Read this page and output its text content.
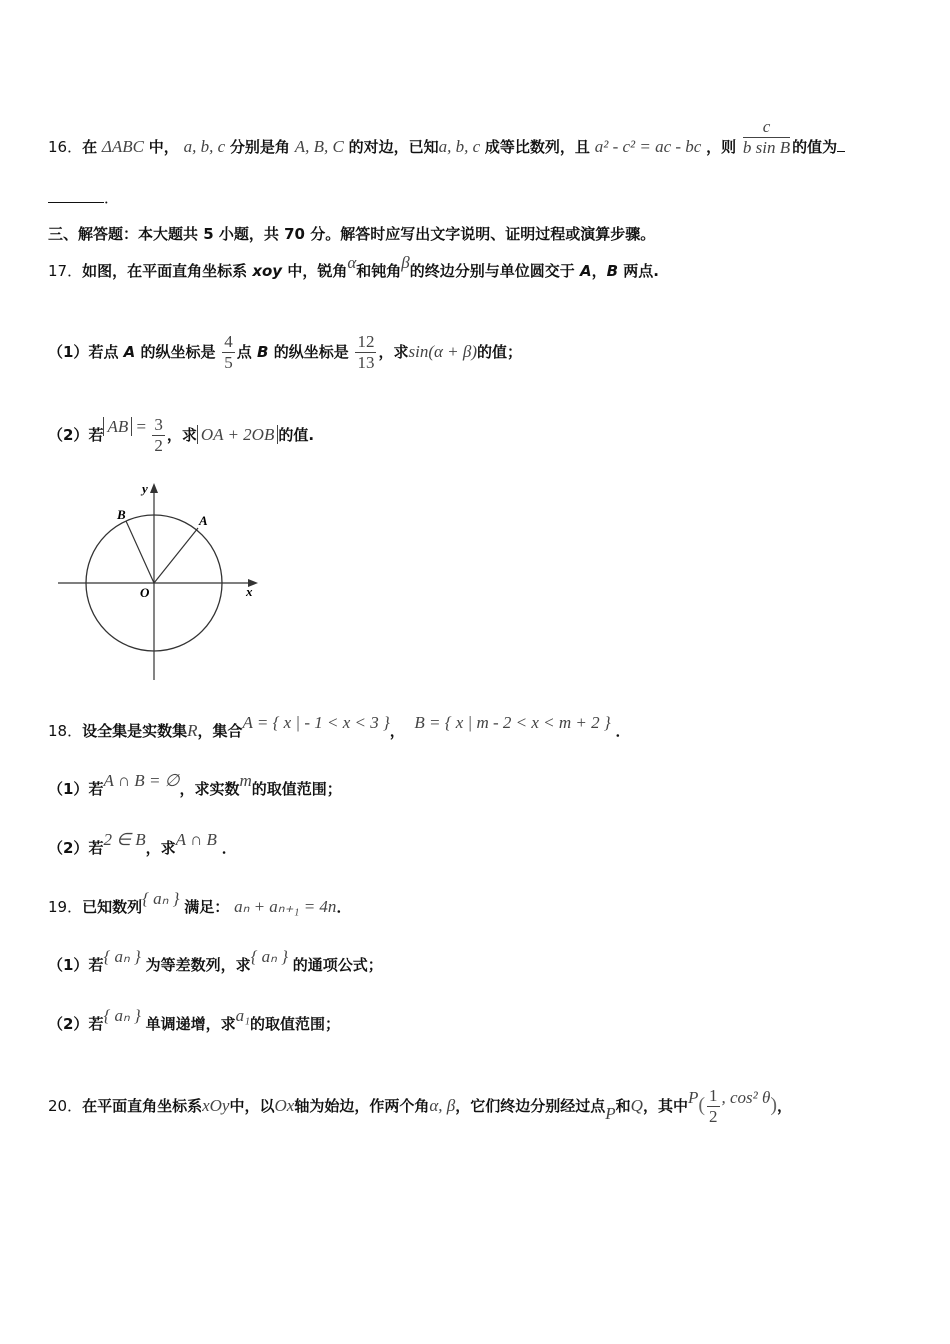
16．在 ΔABC 中， a, b, c 分别是角 A, B, C 的对边，已知a, b, c 成等比数列，且 a² - c² = ac - bc ，则 $\frac{c}{\text{b sin B}}$ 的值为
．
三、解答题：本大题共 5 小题，共 70 分。解答时应写出文字说明、证明过程或演算步骤。
17．如图，在平面直角坐标系 xoy 中，锐角α和钝角β的终边分别与单位圆交于 A，B 两点.
（1）若点 A 的纵坐标是 $\frac{4}{5}$ 点 B 的纵坐标是 $\frac{12}{13}$ ，求sin(α + β)的值；
（2）若 AB = $\frac{3}{2}$ ，求 OA + 2OB 的值.
y
x
O
A
B
18．设全集是实数集R，集合A = { x | - 1 < x < 3 }， B = { x | m - 2 < x < m + 2 } ．
（1）若A ∩ B = ∅，求实数m的取值范围；
（2）若2 ∈ B，求A ∩ B ．
19．已知数列{ aₙ } 满足： aₙ + aₙ₊₁ = 4n．
（1）若{ aₙ } 为等差数列，求{ aₙ } 的通项公式；
（2）若{ aₙ } 单调递增，求a₁的取值范围；
20．在平面直角坐标系xOy中，以Ox轴为始边，作两个角α, β，它们终边分别经过点P和Q，其中$P( \frac{1}{2}$ , cos² θ)，
